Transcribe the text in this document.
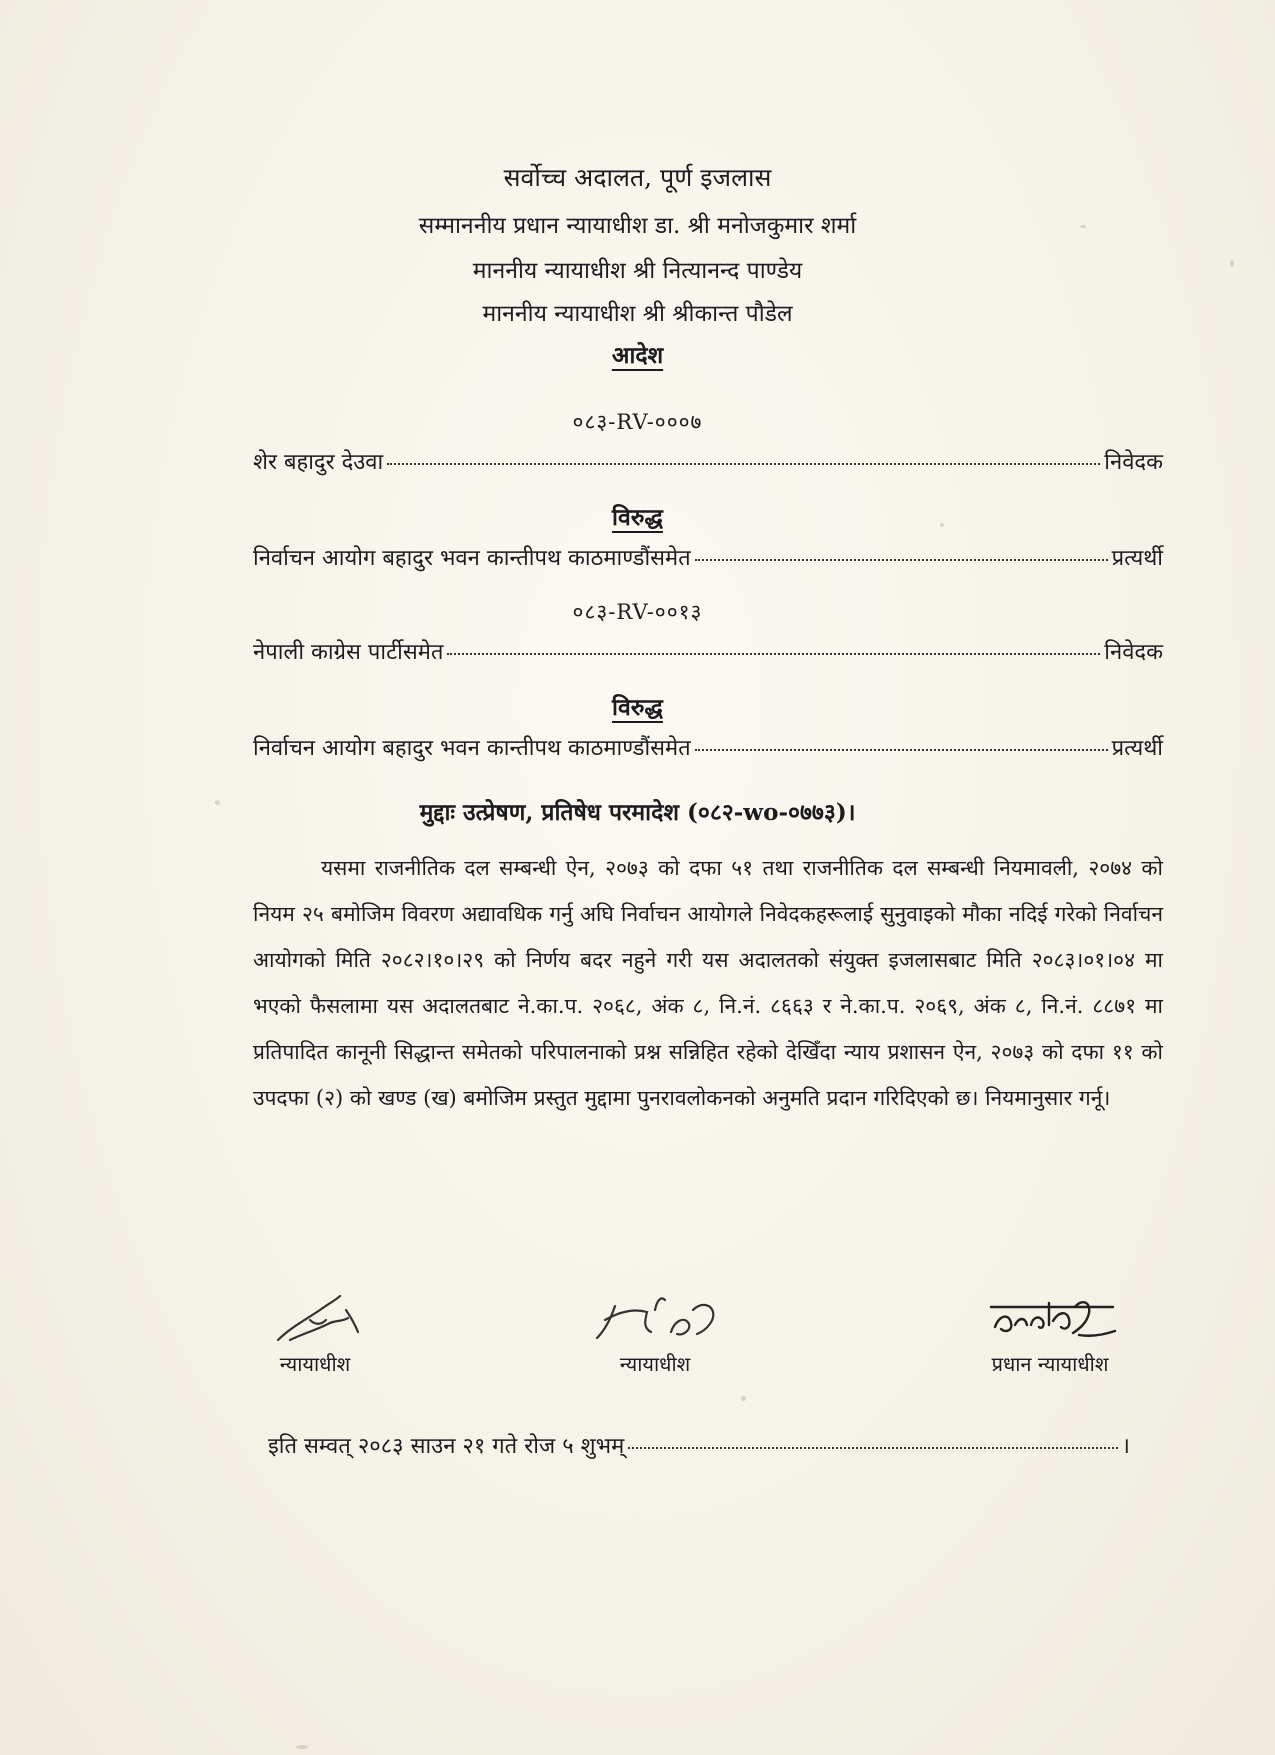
सर्वोच्च अदालत, पूर्ण इजलास
सम्माननीय प्रधान न्यायाधीश डा. श्री मनोजकुमार शर्मा
माननीय न्यायाधीश श्री नित्यानन्द पाण्डेय
माननीय न्यायाधीश श्री श्रीकान्त पौडेल
आदेश
०८३-RV-०००७
शेर बहादुर देउवा	निवेदक
विरुद्ध
निर्वाचन आयोग बहादुर भवन कान्तीपथ काठमाण्डौंसमेत	प्रत्यर्थी
०८३-RV-००१३
नेपाली काग्रेस पार्टीसमेत	निवेदक
विरुद्ध
निर्वाचन आयोग बहादुर भवन कान्तीपथ काठमाण्डौंसमेत	प्रत्यर्थी
मुद्दाः उत्प्रेषण, प्रतिषेध परमादेश (०८२-wo-०७७३)।
यसमा राजनीतिक दल सम्बन्धी ऐन, २०७३ को दफा ५१ तथा राजनीतिक दल सम्बन्धी नियमावली, २०७४ को नियम २५ बमोजिम विवरण अद्यावधिक गर्नु अघि निर्वाचन आयोगले निवेदकहरूलाई सुनुवाइको मौका नदिई गरेको निर्वाचन आयोगको मिति २०८२।१०।२९ को निर्णय बदर नहुने गरी यस अदालतको संयुक्त इजलासबाट मिति २०८३।०१।०४ मा भएको फैसलामा यस अदालतबाट ने.का.प. २०६८, अंक ८, नि.नं. ८६६३ र ने.का.प. २०६९, अंक ८, नि.नं. ८८७१ मा प्रतिपादित कानूनी सिद्धान्त समेतको परिपालनाको प्रश्न सन्निहित रहेको देखिँदा न्याय प्रशासन ऐन, २०७३ को दफा ११ को उपदफा (२) को खण्ड (ख) बमोजिम प्रस्तुत मुद्दामा पुनरावलोकनको अनुमति प्रदान गरिदिएको छ। नियमानुसार गर्नू।
न्यायाधीश	न्यायाधीश	प्रधान न्यायाधीश
इति सम्वत् २०८३ साउन २१ गते रोज ५ शुभम्	।
